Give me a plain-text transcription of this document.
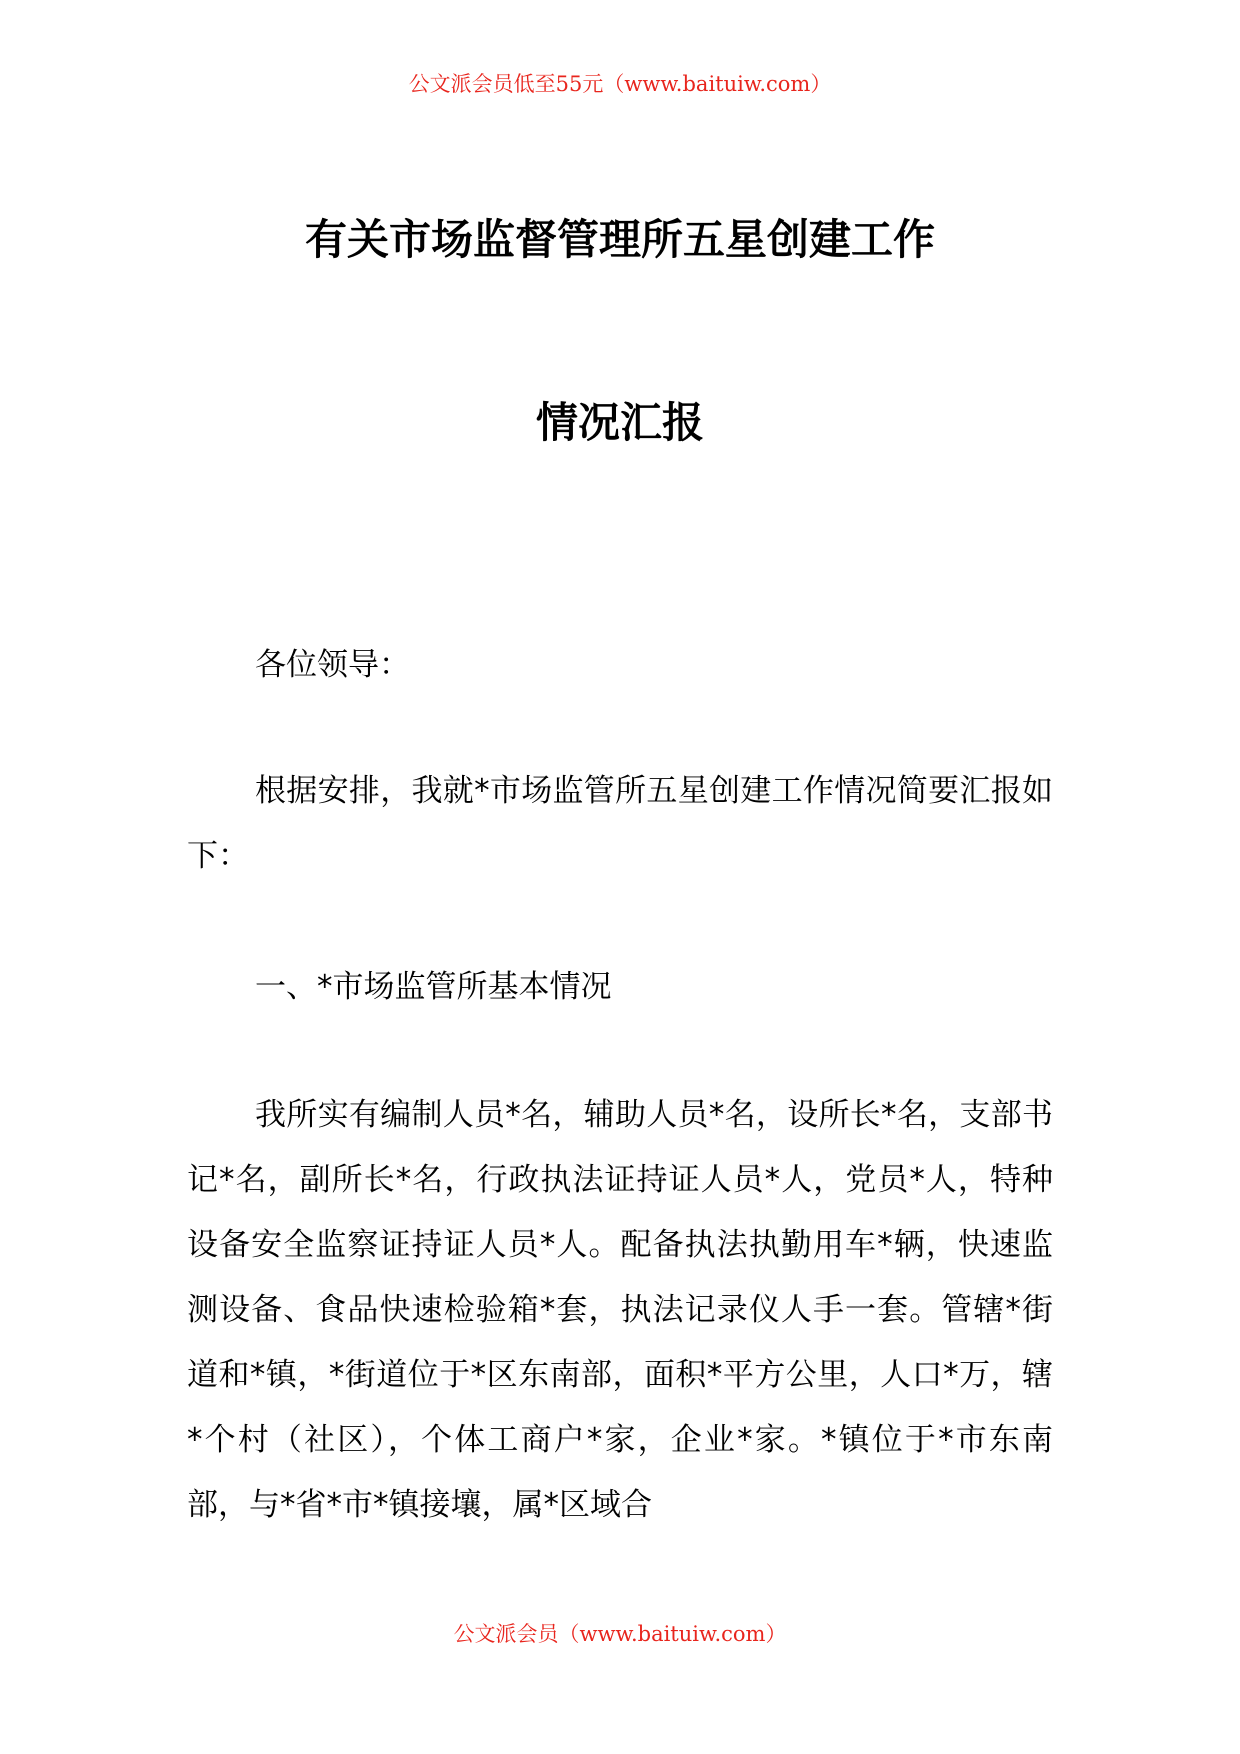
公文派会员低至55元（www.baituiw.com）
有关市场监督管理所五星创建工作
情况汇报

各位领导：

根据安排，我就*市场监管所五星创建工作情况简要汇报如下：

一、*市场监管所基本情况

我所实有编制人员*名，辅助人员*名，设所长*名，支部书记*名，副所长*名，行政执法证持证人员*人，党员*人，特种设备安全监察证持证人员*人。配备执法执勤用车*辆，快速监测设备、食品快速检验箱*套，执法记录仪人手一套。管辖*街道和*镇，*街道位于*区东南部，面积*平方公里，人口*万，辖*个村（社区），个体工商户*家，企业*家。*镇位于*市东南部，与*省*市*镇接壤，属*区域合

公文派会员（www.baituiw.com）
